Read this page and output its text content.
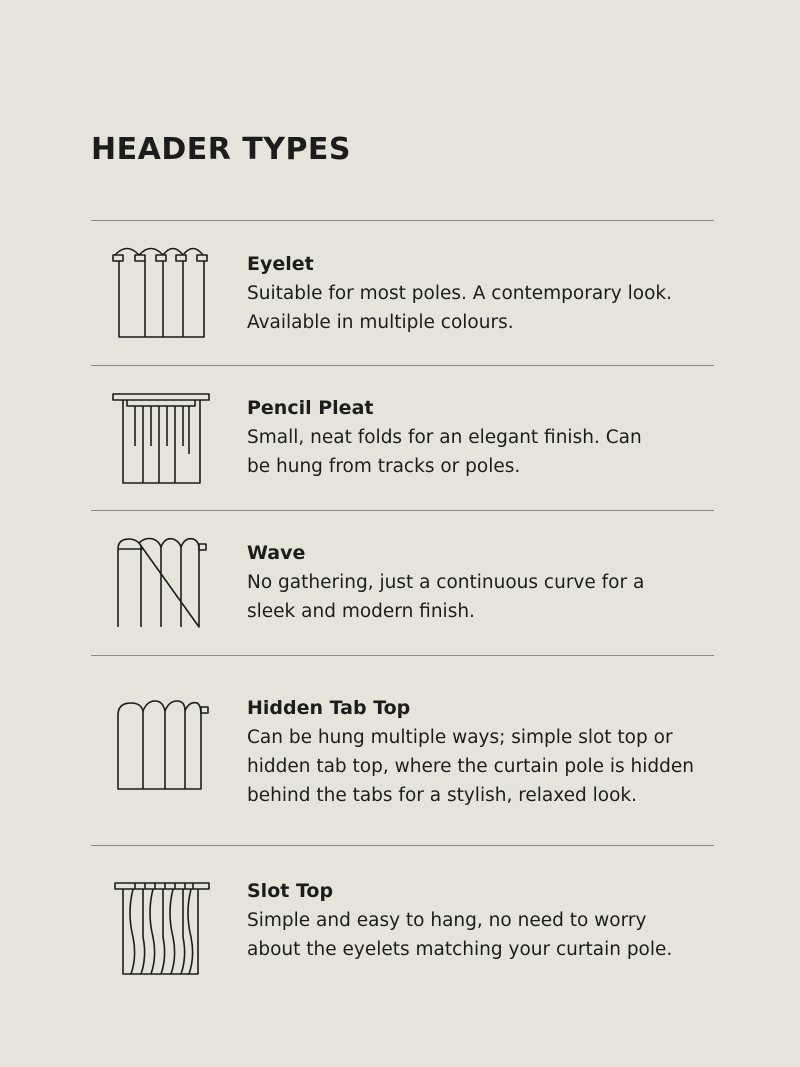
HEADER TYPES

Eyelet

Suitable for most poles. A contemporary look.
Available in multiple colours.

Pencil Pleat

Small, neat folds for an elegant finish. Can
be hung from tracks or poles.

Wave

No gathering, just a continuous curve for a
sleek and modern finish.

Hidden Tab Top

Can be hung multiple ways; simple slot top or
hidden tab top, where the curtain pole is hidden
behind the tabs for a stylish, relaxed look.

Slot Top

Simple and easy to hang, no need to worry
about the eyelets matching your curtain pole.
